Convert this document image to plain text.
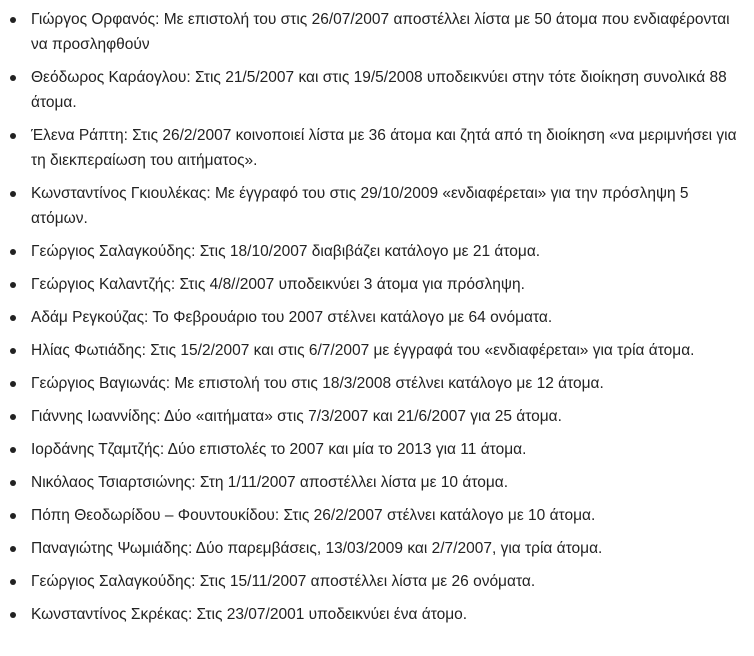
Γιώργος Ορφανός: Με επιστολή του στις 26/07/2007 αποστέλλει λίστα με 50 άτομα που ενδιαφέρονται να προσληφθούν
Θεόδωρος Καράογλου: Στις 21/5/2007 και στις 19/5/2008 υποδεικνύει στην τότε διοίκηση συνολικά 88 άτομα.
Έλενα Ράπτη: Στις 26/2/2007 κοινοποιεί λίστα με 36 άτομα και ζητά από τη διοίκηση «να μεριμνήσει για τη διεκπεραίωση του αιτήματος».
Κωνσταντίνος Γκιουλέκας: Με έγγραφό του στις 29/10/2009 «ενδιαφέρεται» για την πρόσληψη 5 ατόμων.
Γεώργιος Σαλαγκούδης: Στις 18/10/2007 διαβιβάζει κατάλογο με 21 άτομα.
Γεώργιος Καλαντζής: Στις 4/8//2007 υποδεικνύει 3 άτομα για πρόσληψη.
Αδάμ Ρεγκούζας: Το Φεβρουάριο του 2007 στέλνει κατάλογο με 64 ονόματα.
Ηλίας Φωτιάδης: Στις 15/2/2007 και στις 6/7/2007 με έγγραφά του «ενδιαφέρεται» για τρία άτομα.
Γεώργιος Βαγιωνάς: Με επιστολή του στις 18/3/2008 στέλνει κατάλογο με 12 άτομα.
Γιάννης Ιωαννίδης: Δύο «αιτήματα» στις 7/3/2007 και 21/6/2007 για 25 άτομα.
Ιορδάνης Τζαμτζής: Δύο επιστολές το 2007 και μία το 2013 για 11 άτομα.
Νικόλαος Τσιαρτσιώνης: Στη 1/11/2007 αποστέλλει λίστα με 10 άτομα.
Πόπη Θεοδωρίδου – Φουντουκίδου: Στις 26/2/2007 στέλνει κατάλογο με 10 άτομα.
Παναγιώτης Ψωμιάδης: Δύο παρεμβάσεις, 13/03/2009 και 2/7/2007, για τρία άτομα.
Γεώργιος Σαλαγκούδης: Στις 15/11/2007 αποστέλλει λίστα με 26 ονόματα.
Κωνσταντίνος Σκρέκας: Στις 23/07/2001 υποδεικνύει ένα άτομο.
